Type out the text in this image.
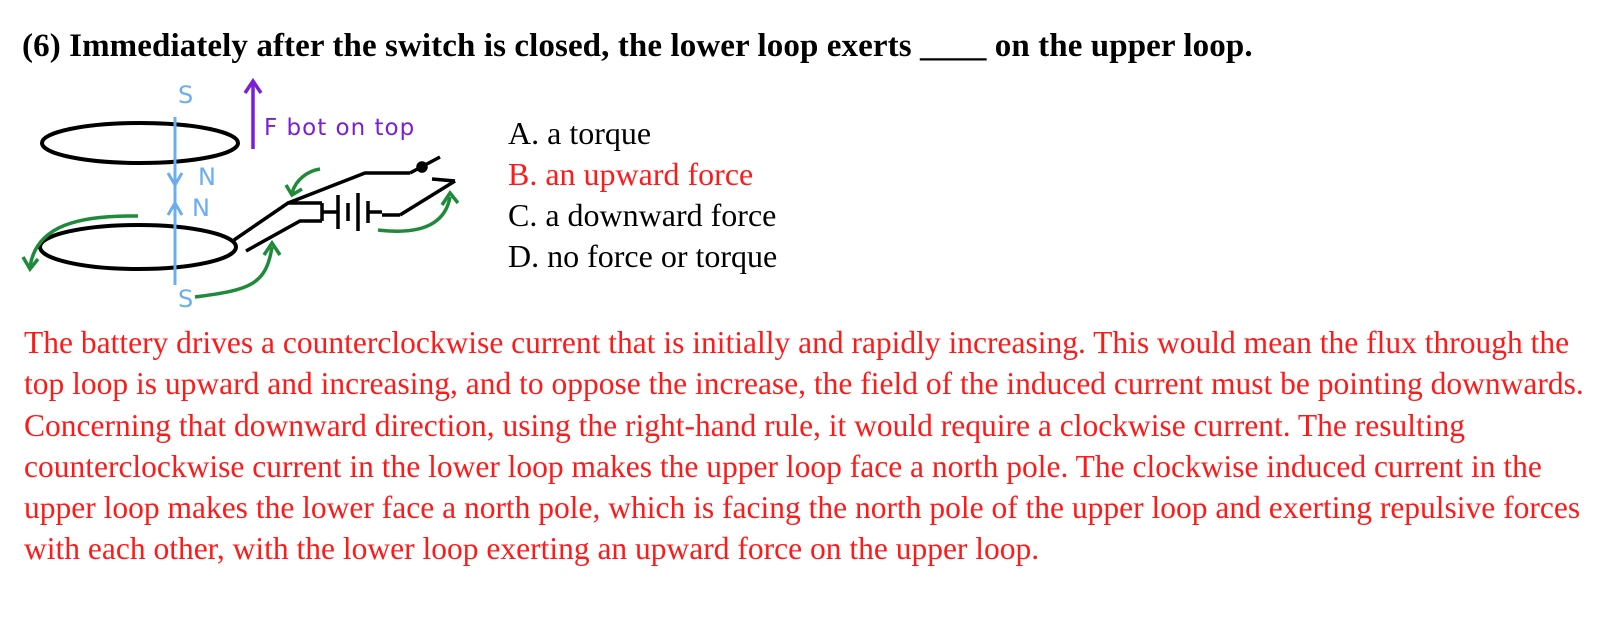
(6) Immediately after the switch is closed, the lower loop exerts ____ on the upper loop.
S
N
N
S
F bot on top	A. a torque
B. an upward force
C. a downward force
D. no force or torque
The battery drives a counterclockwise current that is initially and rapidly increasing. This would mean the flux through the top loop is upward and increasing, and to oppose the increase, the field of the induced current must be pointing downwards. Concerning that downward direction, using the right-hand rule, it would require a clockwise current. The resulting counterclockwise current in the lower loop makes the upper loop face a north pole. The clockwise induced current in the upper loop makes the lower face a north pole, which is facing the north pole of the upper loop and exerting repulsive forces with each other, with the lower loop exerting an upward force on the upper loop.
